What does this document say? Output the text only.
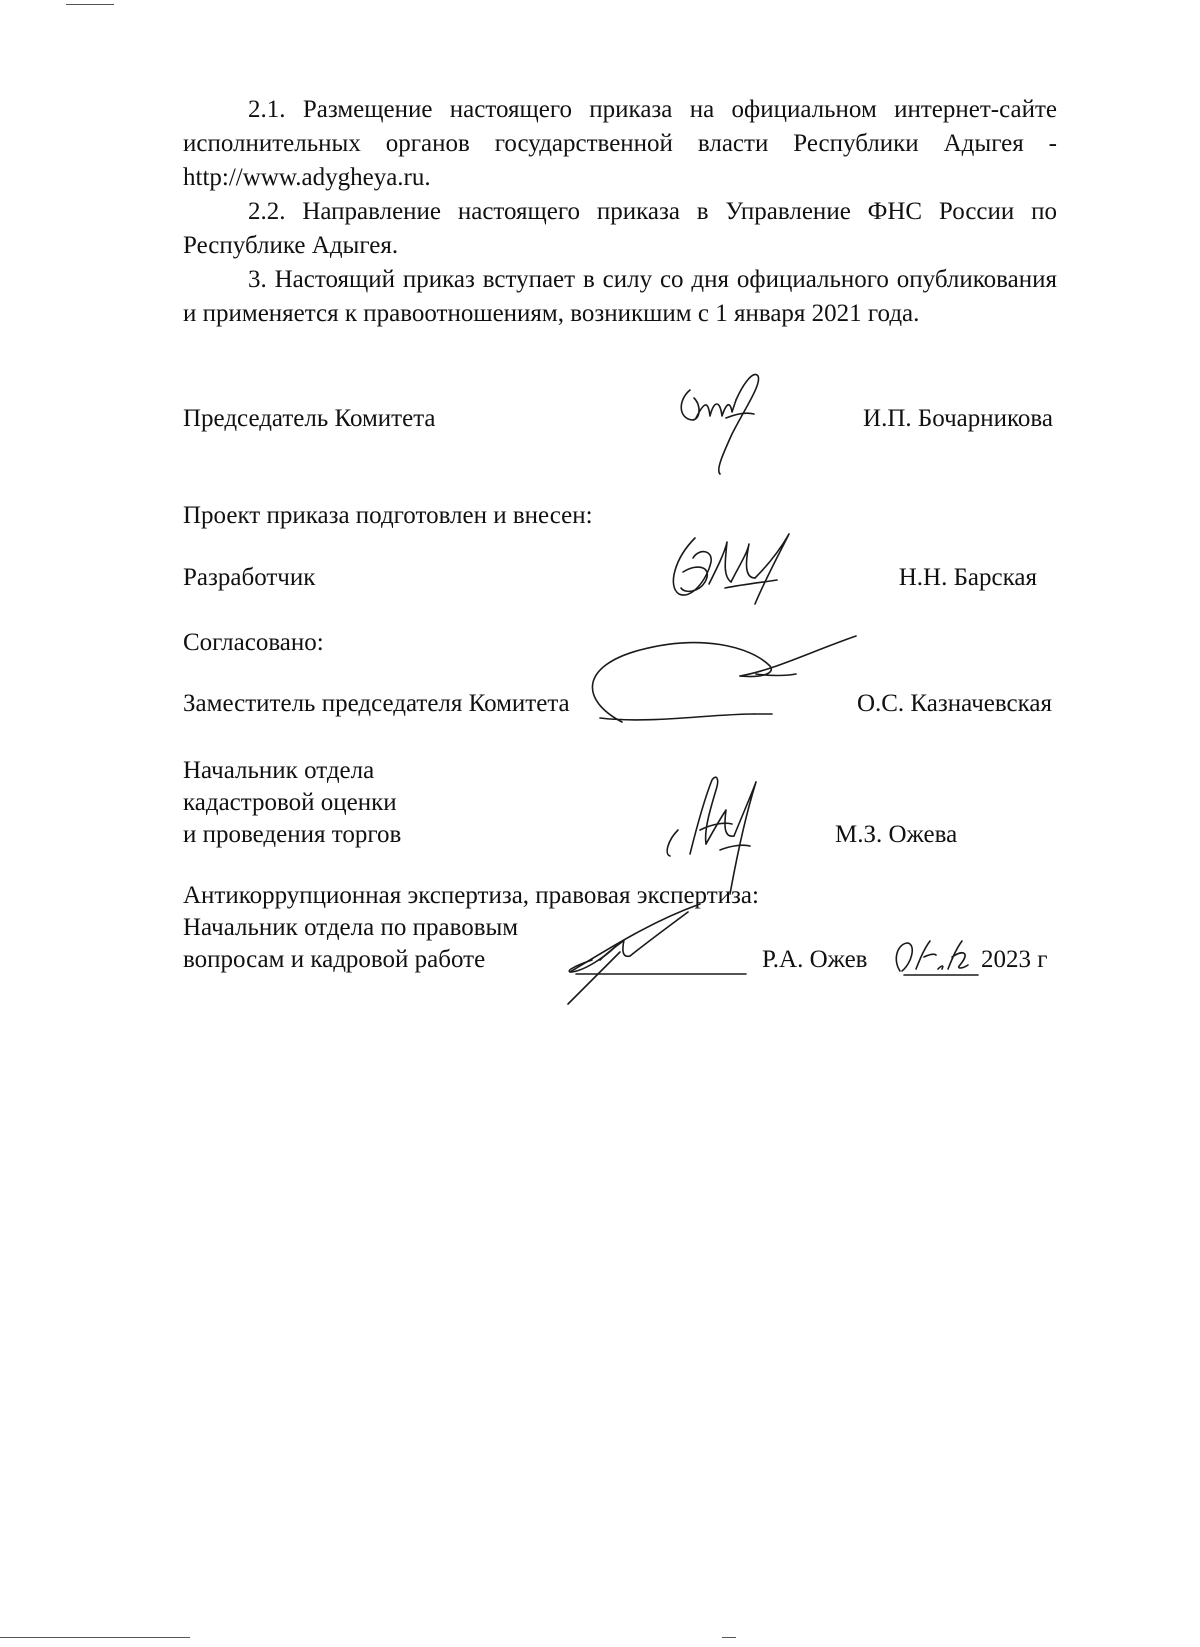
2.1. Размещение настоящего приказа на официальном интернет-сайте исполнительных органов государственной власти Республики Адыгея - http://www.adygheya.ru.

2.2. Направление настоящего приказа в Управление ФНС России по Республике Адыгея.

3. Настоящий приказ вступает в силу со дня официального опубликования и применяется к правоотношениям, возникшим с 1 января 2021 года.

Председатель Комитета	И.П. Бочарникова
Проект приказа подготовлен и внесен:
Разработчик	Н.Н. Барская
Согласовано:
Заместитель председателя Комитета	О.С. Казначевская
Начальник отдела
кадастровой оценки
и проведения торгов	М.З. Ожева
Антикоррупционная экспертиза, правовая экспертиза:
Начальник отдела по правовым
вопросам и кадровой работе	Р.А. Ожев	2023 г
